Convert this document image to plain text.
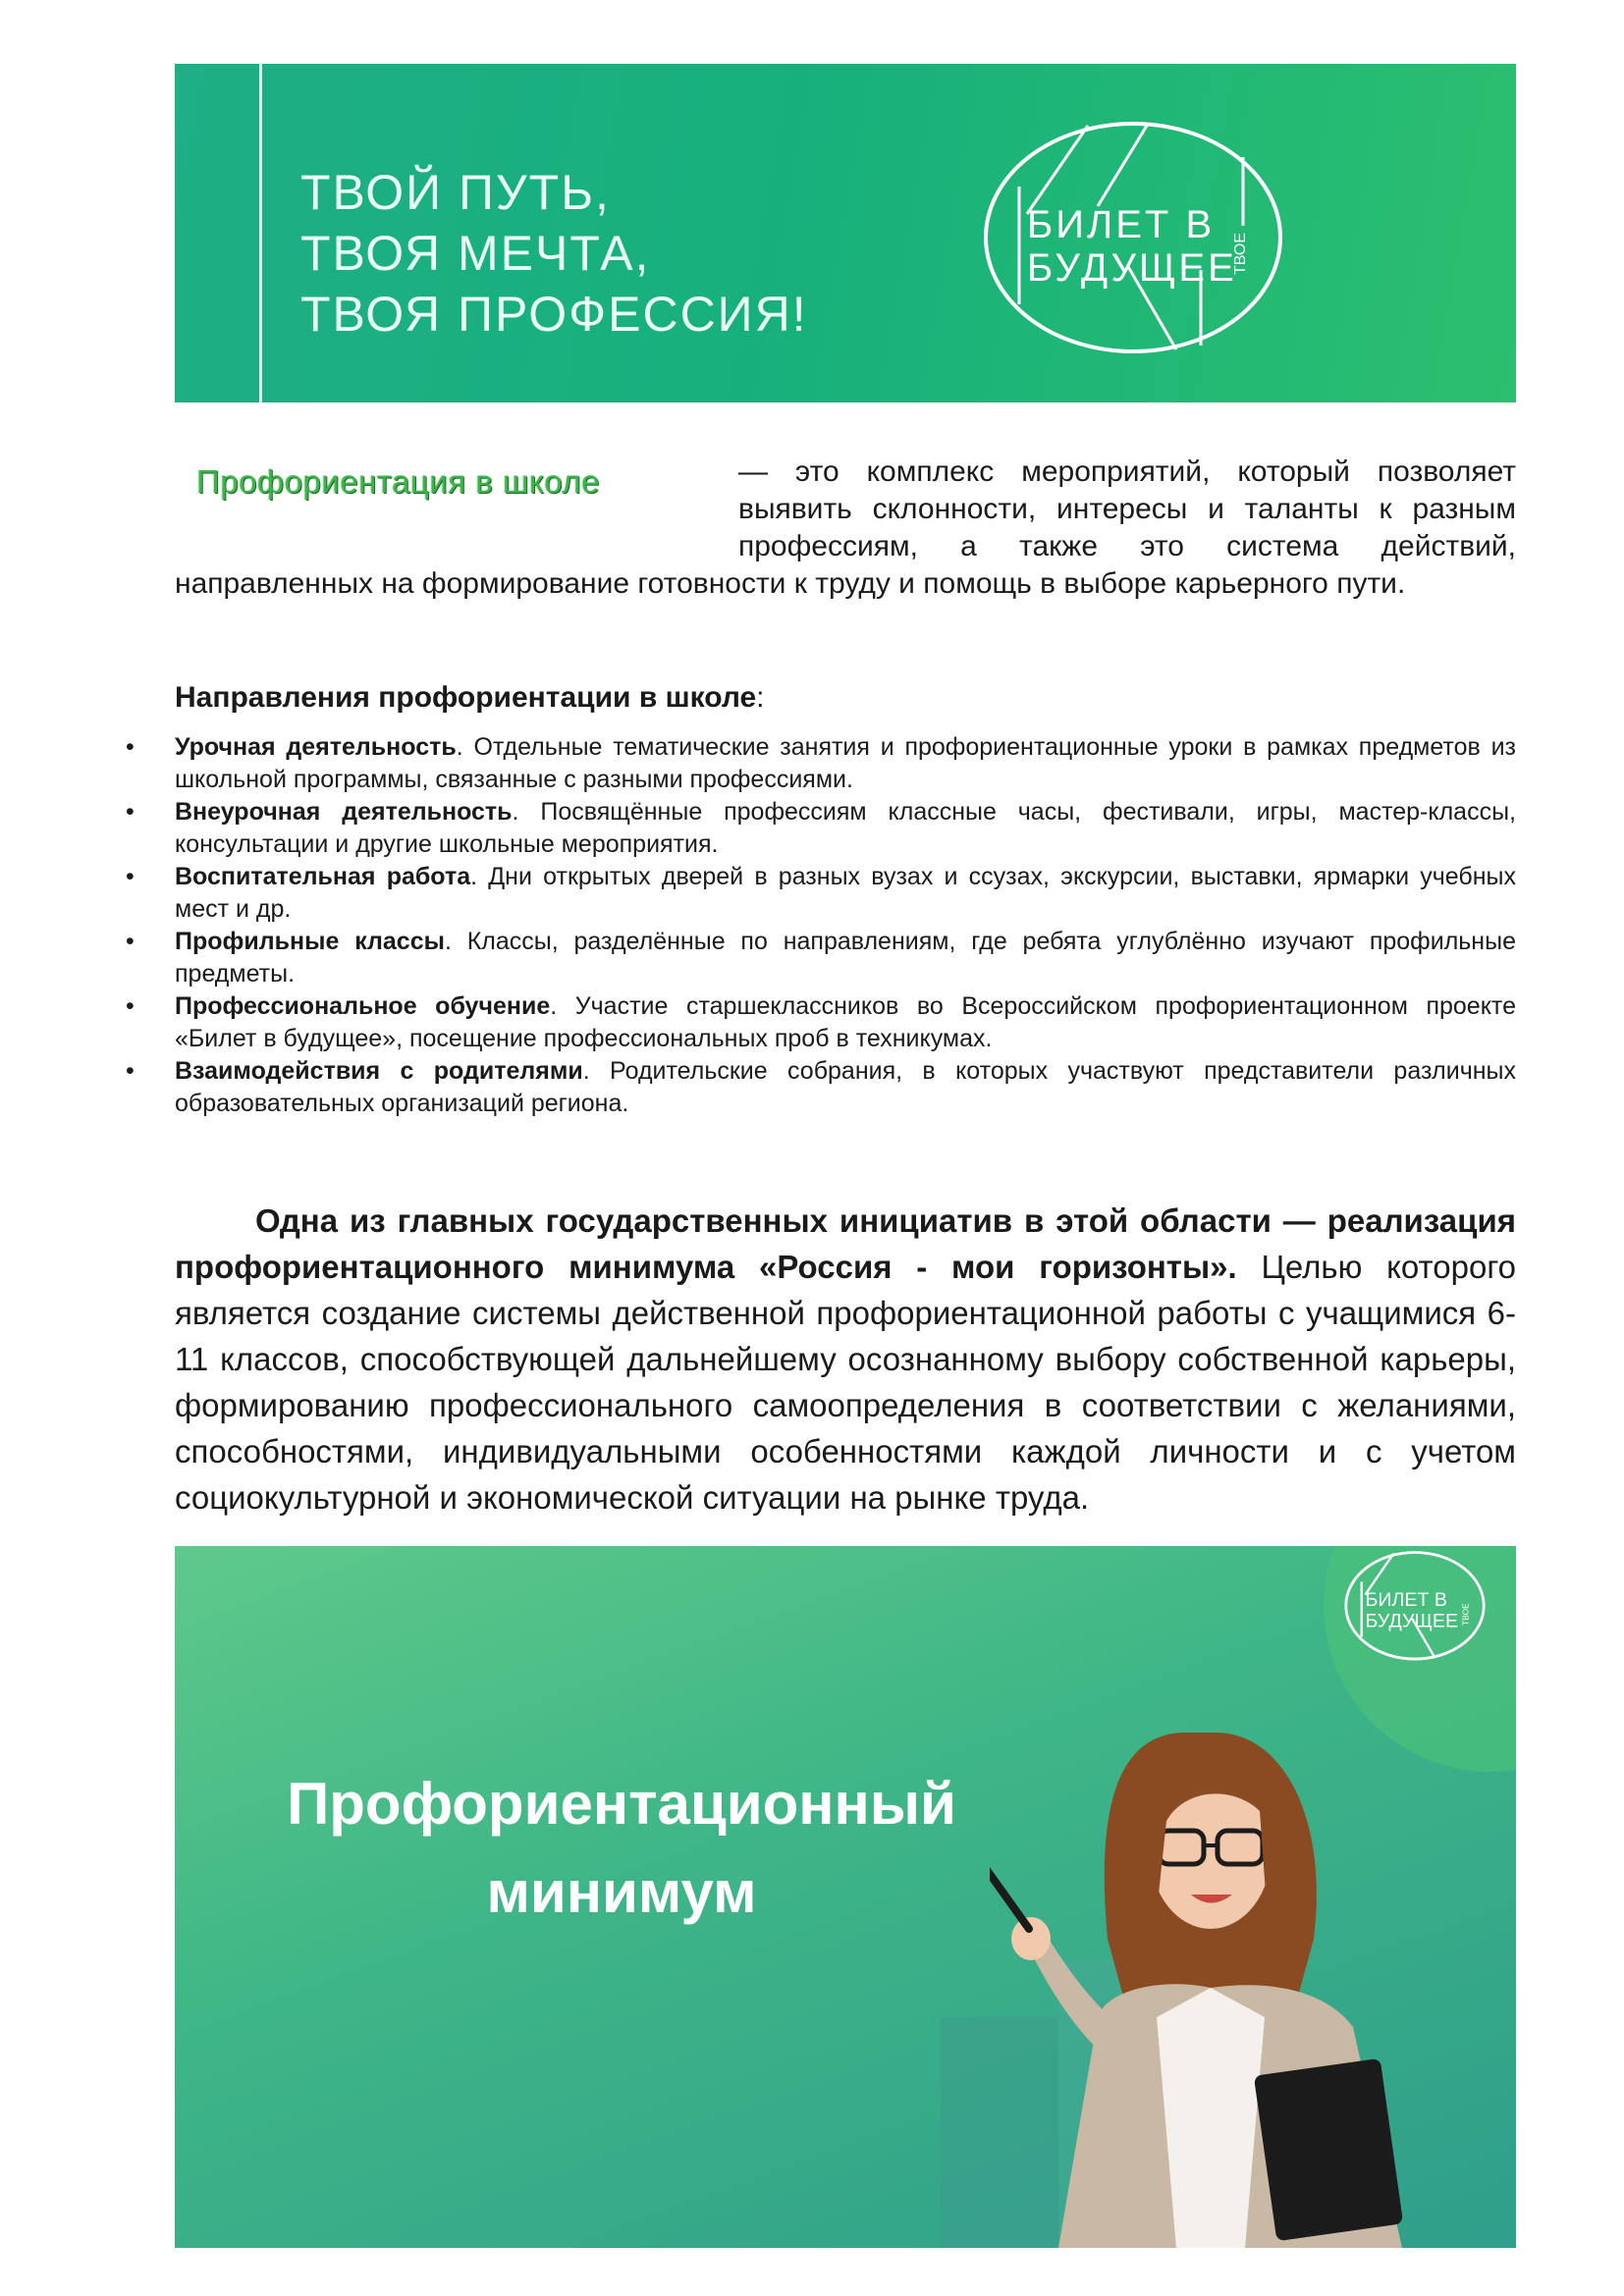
ТВОЙ ПУТЬ,
ТВОЯ МЕЧТА,
ТВОЯ ПРОФЕССИЯ!
БИЛЕТ В
БУДУЩЕЕ
ТВОЕ
Профориентация в школе	— это комплекс мероприятий, который позволяет выявить склонности, интересы и таланты к разным профессиям, а также это система действий,
направленных на формирование готовности к труду и помощь в выборе карьерного пути.
Направления профориентации в школе:
• Урочная деятельность. Отдельные тематические занятия и профориентационные уроки в рамках предметов из школьной программы, связанные с разными профессиями.
• Внеурочная деятельность. Посвящённые профессиям классные часы, фестивали, игры, мастер-классы, консультации и другие школьные мероприятия.
• Воспитательная работа. Дни открытых дверей в разных вузах и ссузах, экскурсии, выставки, ярмарки учебных мест и др.
• Профильные классы. Классы, разделённые по направлениям, где ребята углублённо изучают профильные предметы.
• Профессиональное обучение. Участие старшеклассников во Всероссийском профориентационном проекте «Билет в будущее», посещение профессиональных проб в техникумах.
• Взаимодействия с родителями. Родительские собрания, в которых участвуют представители различных образовательных организаций региона.
Одна из главных государственных инициатив в этой области — реализация профориентационного минимума «Россия - мои горизонты». Целью которого является создание системы действенной профориентационной работы с учащимися 6-11 классов, способствующей дальнейшему осознанному выбору собственной карьеры, формированию профессионального самоопределения в соответствии с желаниями, способностями, индивидуальными особенностями каждой личности и с учетом социокультурной и экономической ситуации на рынке труда.
БИЛЕТ В
БУДУЩЕЕ ТВОЕ
Профориентационный
минимум
